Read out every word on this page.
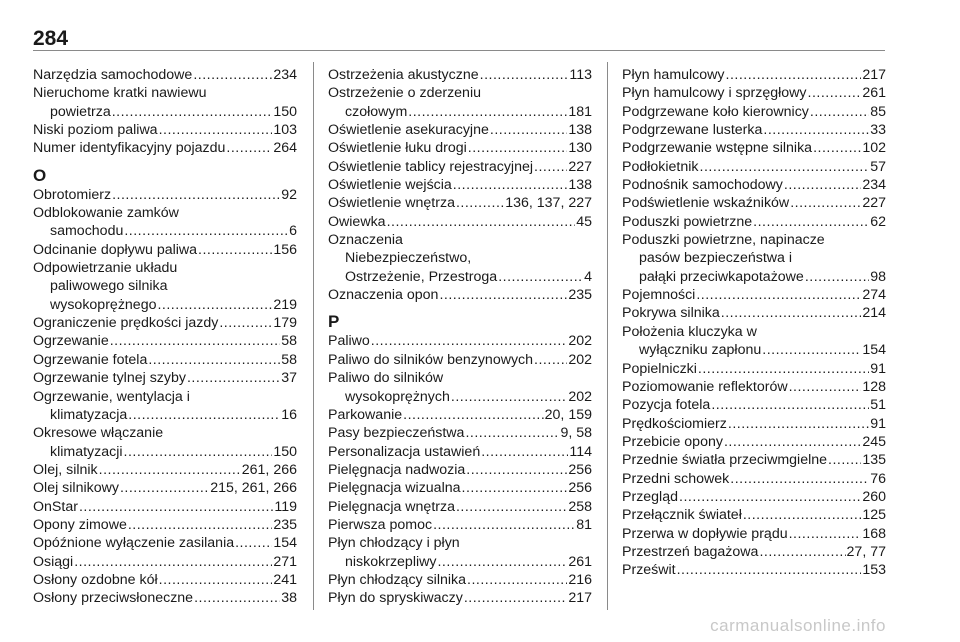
284
Narzędzia samochodowe .....	234
Nieruchome kratki nawiewu
powietrza .....	150
Niski poziom paliwa .....	103
Numer identyfikacyjny pojazdu .....	264
O
Obrotomierz .....	92
Odblokowanie zamków
samochodu .....	6
Odcinanie dopływu paliwa .....	156
Odpowietrzanie układu
paliwowego silnika
wysokoprężnego .....	219
Ograniczenie prędkości jazdy .....	179
Ogrzewanie .....	58
Ogrzewanie fotela .....	58
Ogrzewanie tylnej szyby .....	37
Ogrzewanie, wentylacja i
klimatyzacja .....	16
Okresowe włączanie
klimatyzacji .....	150
Olej, silnik .....	261, 266
Olej silnikowy .....	215, 261, 266
OnStar .....	119
Opony zimowe .....	235
Opóźnione wyłączenie zasilania .....	154
Osiągi .....	271
Osłony ozdobne kół .....	241
Osłony przeciwsłoneczne .....	38
Ostrzeżenia akustyczne .....	113
Ostrzeżenie o zderzeniu
czołowym .....	181
Oświetlenie asekuracyjne .....	138
Oświetlenie łuku drogi .....	130
Oświetlenie tablicy rejestracyjnej ..... 227
Oświetlenie wejścia .....	138
Oświetlenie wnętrza .....	136, 137, 227
Owiewka .....	45
Oznaczenia
Niebezpieczeństwo,
Ostrzeżenie, Przestroga .....	4
Oznaczenia opon .....	235
P
Paliwo .....	202
Paliwo do silników benzynowych ..... 202
Paliwo do silników
wysokoprężnych .....	202
Parkowanie .....	20, 159
Pasy bezpieczeństwa .....	9, 58
Personalizacja ustawień .....	114
Pielęgnacja nadwozia .....	256
Pielęgnacja wizualna .....	256
Pielęgnacja wnętrza .....	258
Pierwsza pomoc .....	81
Płyn chłodzący i płyn
niskokrzepliwy .....	261
Płyn chłodzący silnika .....	216
Płyn do spryskiwaczy .....	217
Płyn hamulcowy .....	217
Płyn hamulcowy i sprzęgłowy .....	261
Podgrzewane koło kierownicy .....	85
Podgrzewane lusterka .....	33
Podgrzewanie wstępne silnika .....	102
Podłokietnik .....	57
Podnośnik samochodowy .....	234
Podświetlenie wskaźników .....	227
Poduszki powietrzne .....	62
Poduszki powietrzne, napinacze
pasów bezpieczeństwa i
pałąki przeciwkapotażowe .....	98
Pojemności .....	274
Pokrywa silnika .....	214
Położenia kluczyka w
wyłączniku zapłonu .....	154
Popielniczki .....	91
Poziomowanie reflektorów .....	128
Pozycja fotela .....	51
Prędkościomierz .....	91
Przebicie opony .....	245
Przednie światła przeciwmgielne ..... 135
Przedni schowek .....	76
Przegląd .....	260
Przełącznik świateł .....	125
Przerwa w dopływie prądu .....	168
Przestrzeń bagażowa .....	27, 77
Prześwit .....	153
carmanualsonline.info
